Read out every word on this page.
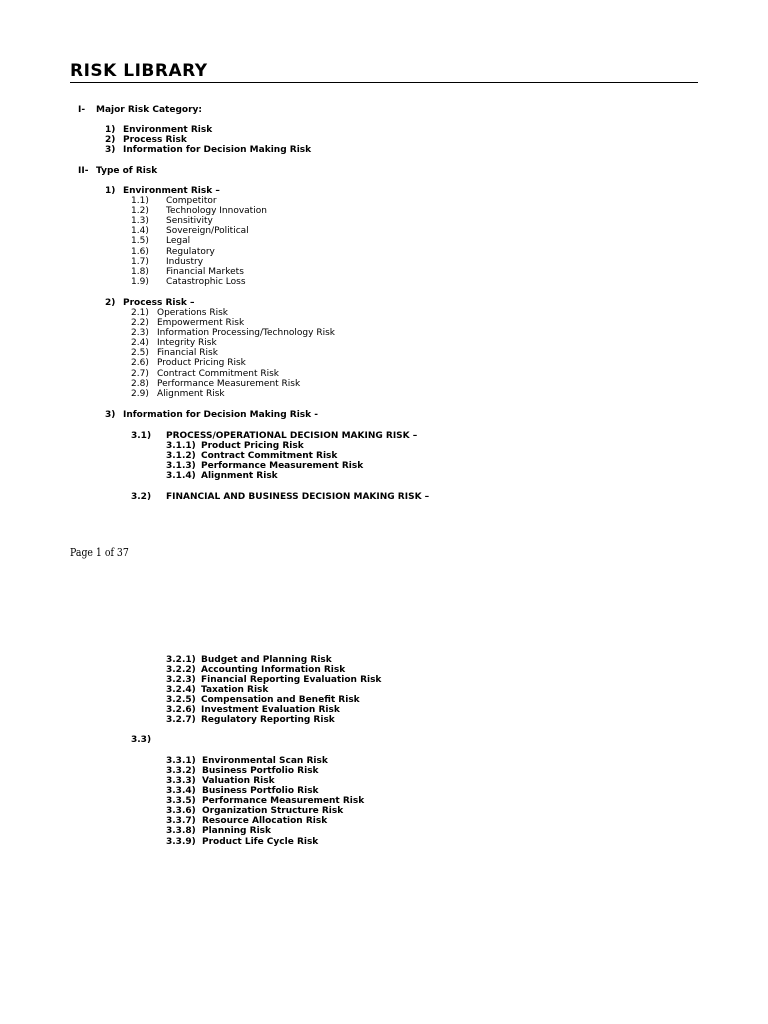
RISK LIBRARY
I- Major Risk Category:
1) Environment Risk
2) Process Risk
3) Information for Decision Making Risk
II- Type of Risk
1) Environment Risk –
1.1) Competitor
1.2) Technology Innovation
1.3) Sensitivity
1.4) Sovereign/Political
1.5) Legal
1.6) Regulatory
1.7) Industry
1.8) Financial Markets
1.9) Catastrophic Loss
2) Process Risk –
2.1) Operations Risk
2.2) Empowerment Risk
2.3) Information Processing/Technology Risk
2.4) Integrity Risk
2.5) Financial Risk
2.6) Product Pricing Risk
2.7) Contract Commitment Risk
2.8) Performance Measurement Risk
2.9) Alignment Risk
3) Information for Decision Making Risk -
3.1) PROCESS/OPERATIONAL DECISION MAKING RISK –
3.1.1) Product Pricing Risk
3.1.2) Contract Commitment Risk
3.1.3) Performance Measurement Risk
3.1.4) Alignment Risk
3.2) FINANCIAL AND BUSINESS DECISION MAKING RISK –
Page 1 of 37
3.2.1) Budget and Planning Risk
3.2.2) Accounting Information Risk
3.2.3) Financial Reporting Evaluation Risk
3.2.4) Taxation Risk
3.2.5) Compensation and Benefit Risk
3.2.6) Investment Evaluation Risk
3.2.7) Regulatory Reporting Risk
3.3)
3.3.1) Environmental Scan Risk
3.3.2) Business Portfolio Risk
3.3.3) Valuation Risk
3.3.4) Business Portfolio Risk
3.3.5) Performance Measurement Risk
3.3.6) Organization Structure Risk
3.3.7) Resource Allocation Risk
3.3.8) Planning Risk
3.3.9) Product Life Cycle Risk
